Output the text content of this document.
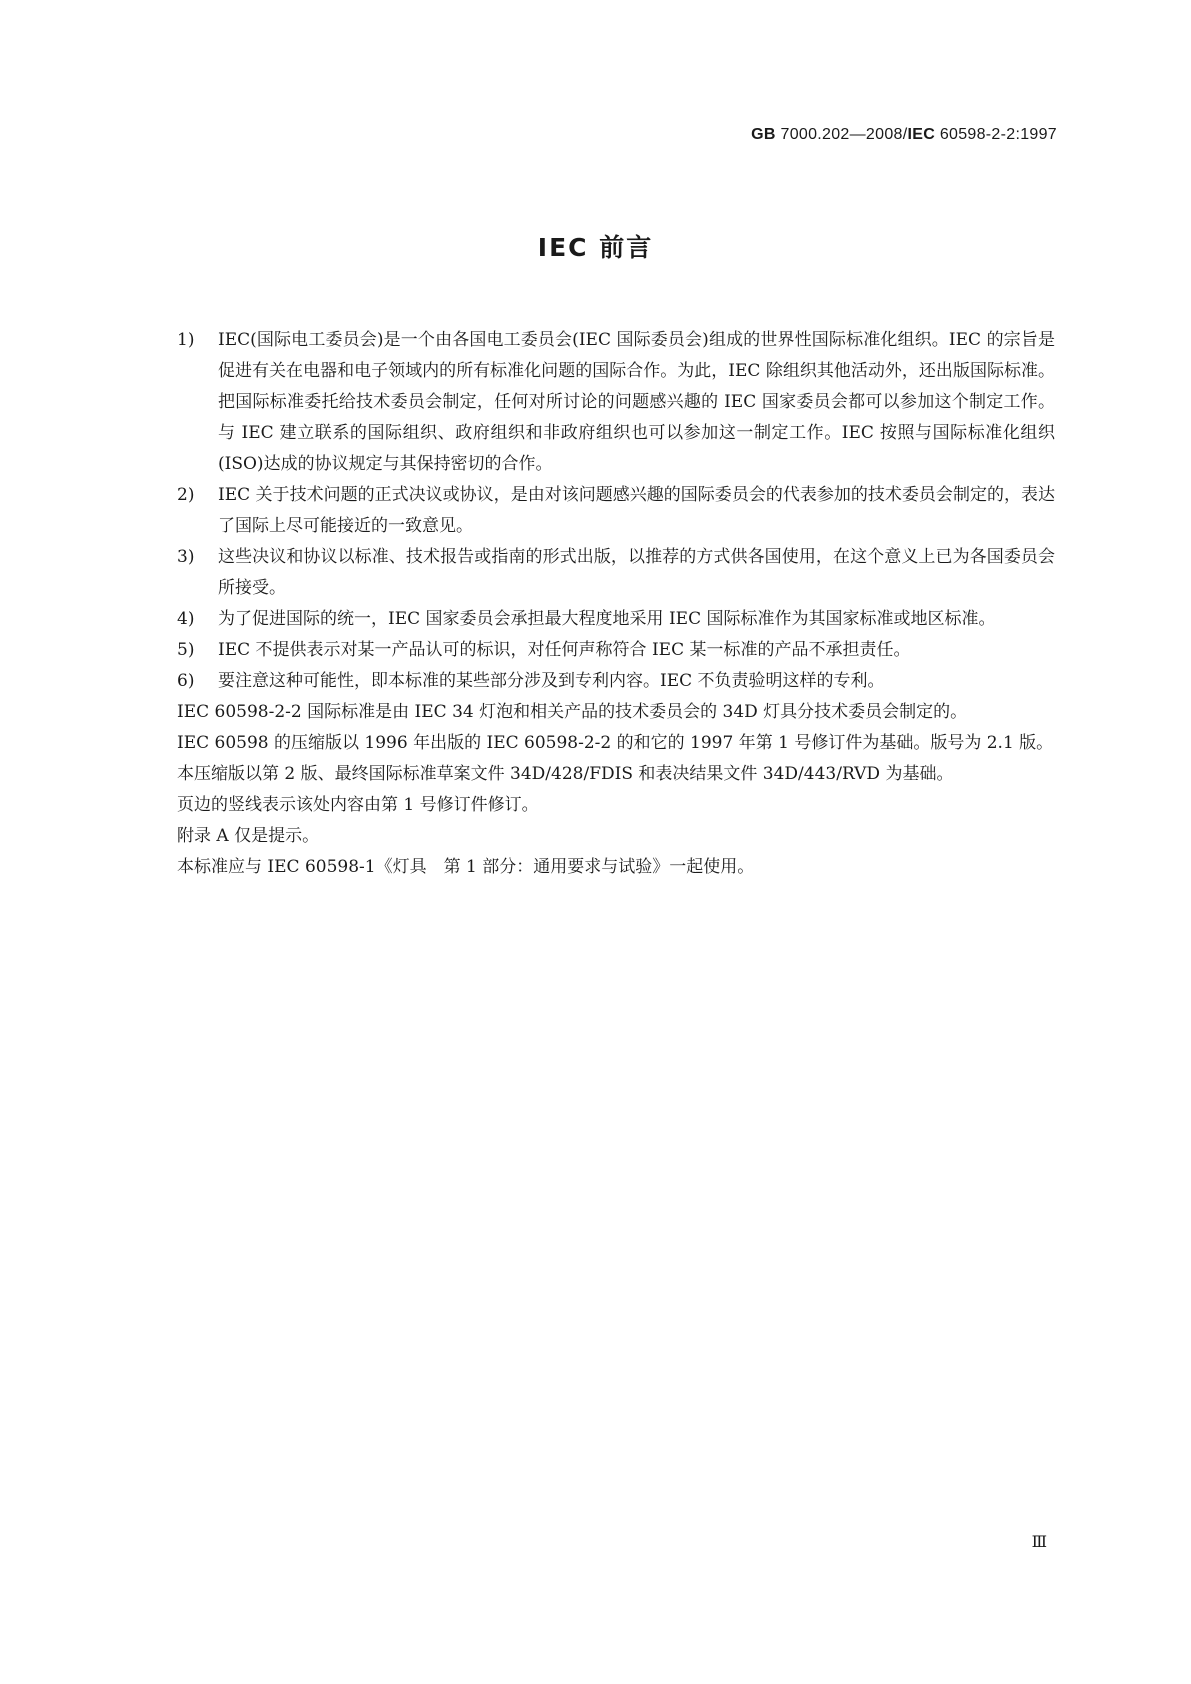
GB 7000.202—2008/IEC 60598-2-2:1997
IEC 前言
1)	IEC(国际电工委员会)是一个由各国电工委员会(IEC 国际委员会)组成的世界性国际标准化组织。IEC 的宗旨是促进有关在电器和电子领域内的所有标准化问题的国际合作。为此，IEC 除组织其他活动外，还出版国际标准。把国际标准委托给技术委员会制定，任何对所讨论的问题感兴趣的 IEC 国家委员会都可以参加这个制定工作。与 IEC 建立联系的国际组织、政府组织和非政府组织也可以参加这一制定工作。IEC 按照与国际标准化组织(ISO)达成的协议规定与其保持密切的合作。
2)	IEC 关于技术问题的正式决议或协议，是由对该问题感兴趣的国际委员会的代表参加的技术委员会制定的，表达了国际上尽可能接近的一致意见。
3)	这些决议和协议以标准、技术报告或指南的形式出版，以推荐的方式供各国使用，在这个意义上已为各国委员会所接受。
4)	为了促进国际的统一，IEC 国家委员会承担最大程度地采用 IEC 国际标准作为其国家标准或地区标准。
5)	IEC 不提供表示对某一产品认可的标识，对任何声称符合 IEC 某一标准的产品不承担责任。
6)	要注意这种可能性，即本标准的某些部分涉及到专利内容。IEC 不负责验明这样的专利。

IEC 60598-2-2 国际标准是由 IEC 34 灯泡和相关产品的技术委员会的 34D 灯具分技术委员会制定的。

IEC 60598 的压缩版以 1996 年出版的 IEC 60598-2-2 的和它的 1997 年第 1 号修订件为基础。版号为 2.1 版。

本压缩版以第 2 版、最终国际标准草案文件 34D/428/FDIS 和表决结果文件 34D/443/RVD 为基础。

页边的竖线表示该处内容由第 1 号修订件修订。

附录 A 仅是提示。

本标准应与 IEC 60598-1《灯具　第 1 部分：通用要求与试验》一起使用。

Ⅲ
